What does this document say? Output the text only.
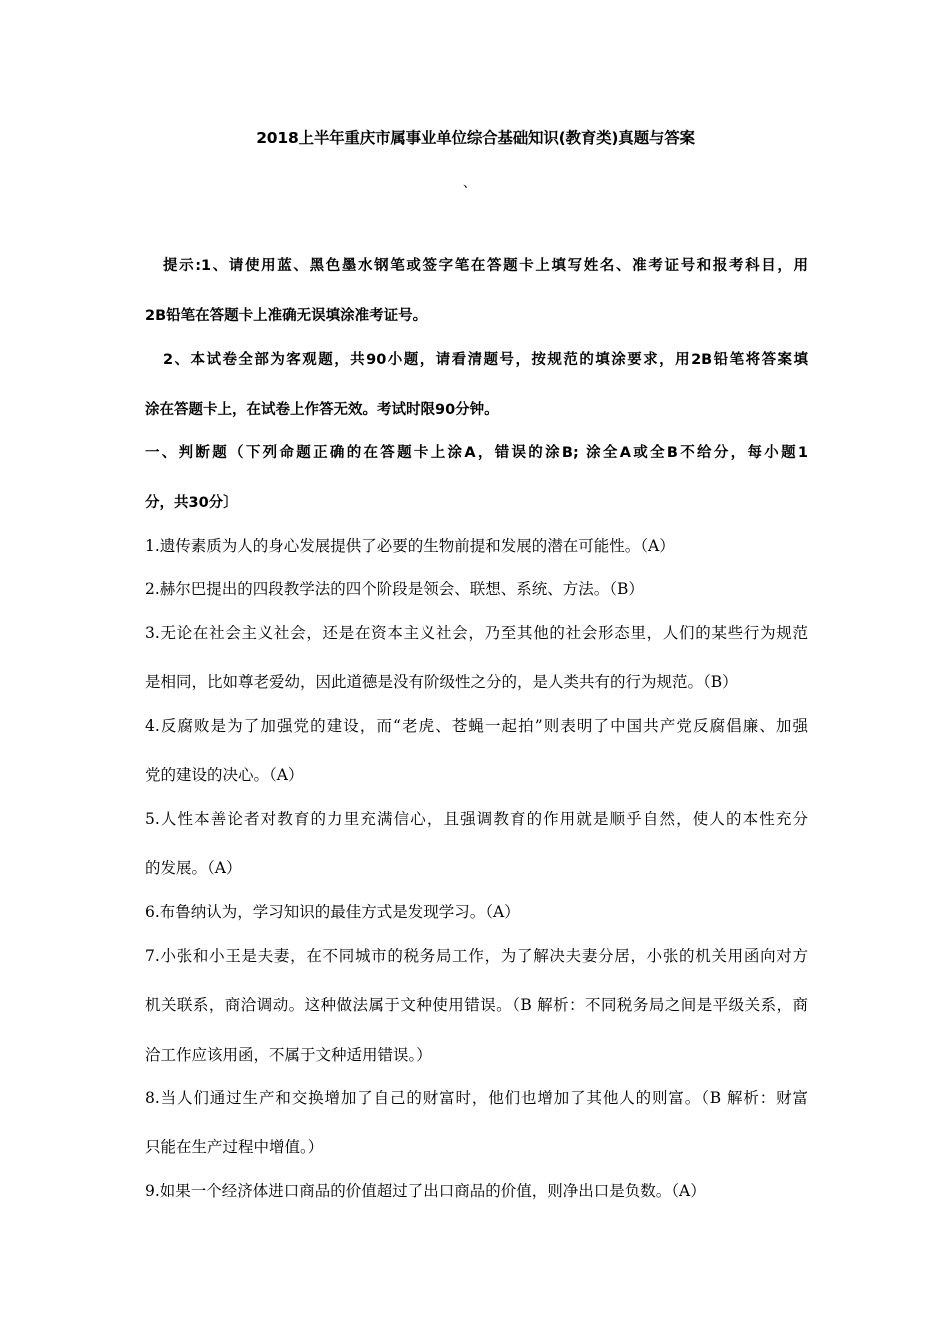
2018上半年重庆市属事业单位综合基础知识(教育类)真题与答案
、
提示:1、请使用蓝、黑色墨水钢笔或签字笔在答题卡上填写姓名、准考证号和报考科目，用
2B铅笔在答题卡上准确无误填涂准考证号。
2、本试卷全部为客观题，共90小题，请看清题号，按规范的填涂要求，用2B铅笔将答案填
涂在答题卡上，在试卷上作答无效。考试时限90分钟。
一、判断题（下列命题正确的在答题卡上涂A，错误的涂B; 涂全A或全B不给分，每小题1
分，共30分〕
1.遗传素质为人的身心发展提供了必要的生物前提和发展的潜在可能性。（A）
2.赫尔巴提出的四段教学法的四个阶段是领会、联想、系统、方法。（B）
3.无论在社会主义社会，还是在资本主义社会，乃至其他的社会形态里，人们的某些行为规范
是相同，比如尊老爱幼，因此道德是没有阶级性之分的，是人类共有的行为规范。（B）
4.反腐败是为了加强党的建设，而“老虎、苍蝇一起拍”则表明了中国共产党反腐倡廉、加强
党的建设的决心。（A）
5.人性本善论者对教育的力里充满信心，且强调教育的作用就是顺乎自然，使人的本性充分
的发展。（A）
6.布鲁纳认为，学习知识的最佳方式是发现学习。（A）
7.小张和小王是夫妻，在不同城市的税务局工作，为了解决夫妻分居，小张的机关用函向对方
机关联系，商洽调动。这种做法属于文种使用错误。（B 解析：不同税务局之间是平级关系，商
洽工作应该用函，不属于文种适用错误。）
8.当人们通过生产和交换增加了自己的财富时，他们也增加了其他人的则富。（B 解析：财富
只能在生产过程中增值。）
9.如果一个经济体进口商品的价值超过了出口商品的价值，则净出口是负数。（A）
